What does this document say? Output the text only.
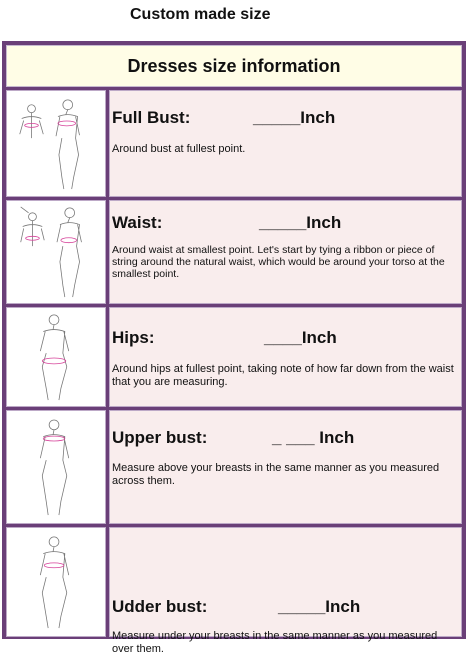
Custom made size
Dresses size information
Full Bust:	_____Inch
Around bust at fullest point.
Waist:	_____Inch
Around waist at smallest point. Let's start by tying a ribbon or piece of string around the natural waist, which would be around your torso at the smallest point.
Hips:	____Inch
Around hips at fullest point, taking note of how far down from the waist that you are measuring.
Upper bust:	_ ___ Inch
Measure above your breasts in the same manner as you measured across them.
Udder bust:	_____Inch
Measure under your breasts in the same manner as you measured over them.
